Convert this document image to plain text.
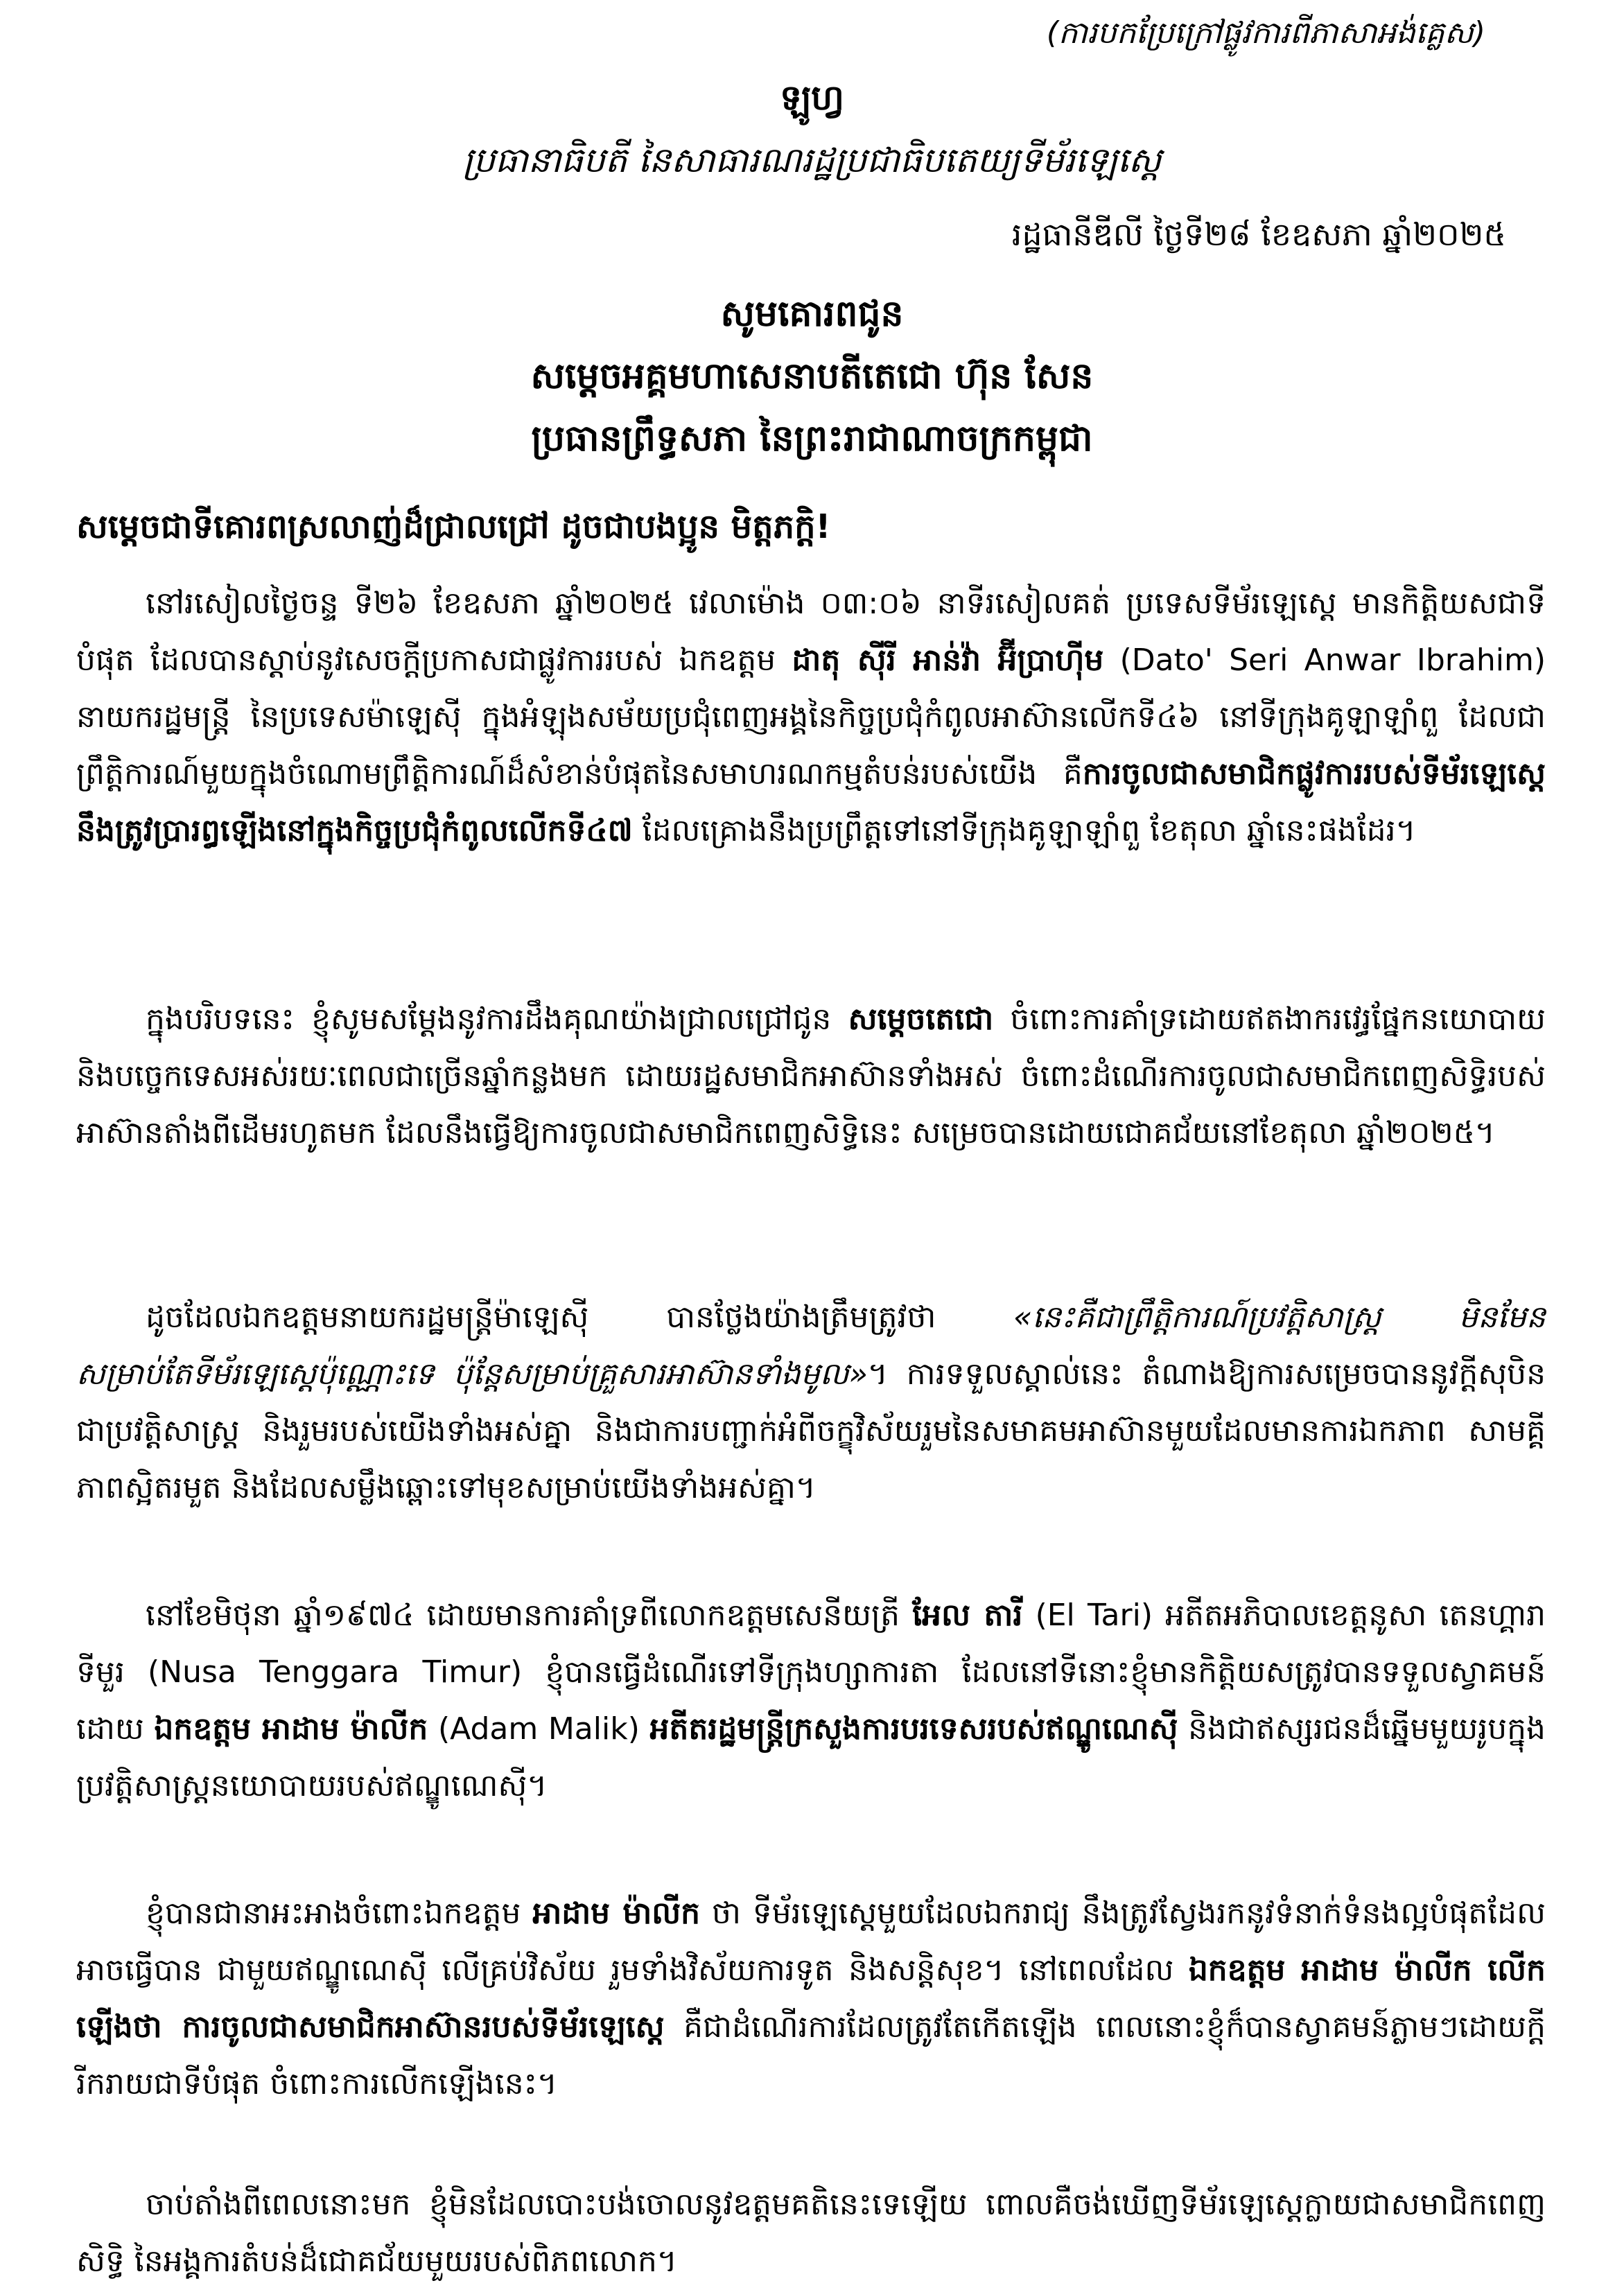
(ការបកប្រែក្រៅផ្លូវការពីភាសាអង់គ្លេស)
ឡូហ្វ
ប្រធានាធិបតី នៃសាធារណរដ្ឋប្រជាធិបតេយ្យទីម័រឡេស្ដេ
រដ្ឋធានីឌីលី ថ្ងៃទី២៨ ខែឧសភា ឆ្នាំ២០២៥
សូមគោរពជូន
សម្ដេចអគ្គមហាសេនាបតីតេជោ ហ៊ុន សែន
ប្រធានព្រឹទ្ធសភា នៃព្រះរាជាណាចក្រកម្ពុជា
សម្ដេចជាទីគោរពស្រលាញ់ដ៏ជ្រាលជ្រៅ ដូចជាបងប្អូន មិត្តភក្តិ!
នៅរសៀលថ្ងៃចន្ទ ទី២៦ ខែឧសភា ឆ្នាំ២០២៥ វេលាម៉ោង ០៣:០៦ នាទីរសៀលគត់ ប្រទេសទីម័រឡេស្ដេ មានកិត្តិយសជាទីបំផុត ដែលបានស្ដាប់នូវសេចក្តីប្រកាសជាផ្លូវការរបស់ ឯកឧត្តម ដាតុ ស៊ីរី អាន់វ៉ា អ៊ីប្រាហ៊ីម (Dato' Seri Anwar Ibrahim) នាយករដ្ឋមន្ត្រី នៃប្រទេសម៉ាឡេស៊ី ក្នុងអំឡុងសម័យប្រជុំពេញអង្គនៃកិច្ចប្រជុំកំពូលអាស៊ានលើកទី៤៦ នៅទីក្រុងគូឡាឡាំពួ ដែលជាព្រឹត្តិការណ៍មួយក្នុងចំណោមព្រឹត្តិការណ៍ដ៏សំខាន់បំផុតនៃសមាហរណកម្មតំបន់របស់យើង គឺការចូលជាសមាជិកផ្លូវការរបស់ទីម័រឡេស្ដេ នឹងត្រូវប្រារព្ធឡើងនៅក្នុងកិច្ចប្រជុំកំពូលលើកទី៤៧ ដែលគ្រោងនឹងប្រព្រឹត្តទៅនៅទីក្រុងគូឡាឡាំពួ ខែតុលា ឆ្នាំនេះផងដែរ។
ក្នុងបរិបទនេះ ខ្ញុំសូមសម្ដែងនូវការដឹងគុណយ៉ាងជ្រាលជ្រៅជូន សម្ដេចតេជោ ចំពោះការគាំទ្រដោយឥតងាករវេរ្ធផ្នែកនយោបាយ និងបច្ចេកទេសអស់រយៈពេលជាច្រើនឆ្នាំកន្លងមក ដោយរដ្ឋសមាជិកអាស៊ានទាំងអស់ ចំពោះដំណើរការចូលជាសមាជិកពេញសិទ្ធិរបស់អាស៊ានតាំងពីដើមរហូតមក ដែលនឹងធ្វើឱ្យការចូលជាសមាជិកពេញសិទ្ធិនេះ សម្រេចបានដោយជោគជ័យនៅខែតុលា ឆ្នាំ២០២៥។
ដូចដែលឯកឧត្តមនាយករដ្ឋមន្ត្រីម៉ាឡេស៊ី បានថ្លែងយ៉ាងត្រឹមត្រូវថា «នេះគឺជាព្រឹត្តិការណ៍ប្រវត្តិសាស្ត្រ មិនមែនសម្រាប់តែទីម័រឡេស្ដេប៉ុណ្ណោះទេ ប៉ុន្តែសម្រាប់គ្រួសារអាស៊ានទាំងមូល»។ ការទទួលស្គាល់នេះ តំណាងឱ្យការសម្រេចបាននូវក្ដីសុបិនជាប្រវត្តិសាស្ត្រ និងរួមរបស់យើងទាំងអស់គ្នា និងជាការបញ្ជាក់អំពីចក្ខុវិស័យរួមនៃសមាគមអាស៊ានមួយដែលមានការឯកភាព សាមគ្គីភាពស្អិតរមួត និងដែលសម្លឹងឆ្ពោះទៅមុខសម្រាប់យើងទាំងអស់គ្នា។
នៅខែមិថុនា ឆ្នាំ១៩៧៤ ដោយមានការគាំទ្រពីលោកឧត្តមសេនីយត្រី អែល តារី (El Tari) អតីតអភិបាលខេត្តនូសា តេនហ្គារា ទីមួរ (Nusa Tenggara Timur) ខ្ញុំបានធ្វើដំណើរទៅទីក្រុងហ្សាការតា ដែលនៅទីនោះខ្ញុំមានកិត្តិយសត្រូវបានទទួលស្វាគមន៍ដោយ ឯកឧត្តម អាដាម ម៉ាលីក (Adam Malik) អតីតរដ្ឋមន្ត្រីក្រសួងការបរទេសរបស់ឥណ្ឌូណេស៊ី និងជាឥស្សរជនដ៏ឆ្នើមមួយរូបក្នុងប្រវត្តិសាស្ត្រនយោបាយរបស់ឥណ្ឌូណេស៊ី។
ខ្ញុំបានជានាអះអាងចំពោះឯកឧត្តម អាដាម ម៉ាលីក ថា ទីម័រឡេស្ដេមួយដែលឯករាជ្យ នឹងត្រូវស្វែងរកនូវទំនាក់ទំនងល្អបំផុតដែលអាចធ្វើបាន ជាមួយឥណ្ឌូណេស៊ី លើគ្រប់វិស័យ រួមទាំងវិស័យការទូត និងសន្តិសុខ។ នៅពេលដែល ឯកឧត្តម អាដាម ម៉ាលីក លើកឡើងថា ការចូលជាសមាជិកអាស៊ានរបស់ទីម័រឡេស្ដេ គឺជាដំណើរការដែលត្រូវតែកើតឡើង ពេលនោះខ្ញុំក៏បានស្វាគមន៍ភ្លាមៗដោយក្ដីរីករាយជាទីបំផុត ចំពោះការលើកឡើងនេះ។
ចាប់តាំងពីពេលនោះមក ខ្ញុំមិនដែលបោះបង់ចោលនូវឧត្តមគតិនេះទេឡើយ ពោលគឺចង់ឃើញទីម័រឡេស្ដេក្លាយជាសមាជិកពេញសិទ្ធិ នៃអង្គការតំបន់ដ៏ជោគជ័យមួយរបស់ពិភពលោក។
